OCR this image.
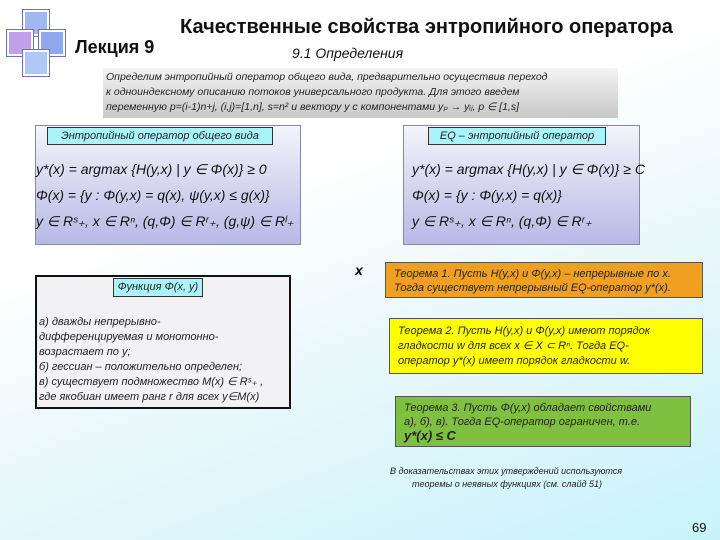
Качественные свойства энтропийного оператора
Лекция 9	9.1 Определения
Определим энтропийный оператор общего вида, предварительно осуществив переход
к одноиндексному описанию потоков универсального продукта. Для этого введем
переменную p=(i-1)n+j, (i,j)=[1,n], s=n² и вектору y с компонентами yₚ → yᵢⱼ, p ∈ [1,s]
Энтропийный оператор общего вида
y*(x) = argmax {H(y,x) | y ∈ Φ(x)} ≥ 0
Φ(x) = {y : Φ(y,x) = q(x), ψ(y,x) ≤ g(x)}
y ∈ Rˢ₊, x ∈ Rⁿ, (q,Φ) ∈ Rʳ₊, (g,ψ) ∈ Rˡ₊
EQ – энтропийный оператор
y*(x) = argmax {H(y,x) | y ∈ Φ(x)} ≥ C
Φ(x) = {y : Φ(y,x) = q(x)}
y ∈ Rˢ₊, x ∈ Rⁿ, (q,Φ) ∈ Rʳ₊
Функция Φ(x, y)
а) дважды непрерывно-
дифференцируемая и монотонно-
возрастает по y;
б) гессиан – положительно определен;
в) существует подмножество M(x) ∈ Rˢ₊ ,
где якобиан имеет ранг r для всех y∈M(x)
x	Теорема 1. Пусть H(y,x) и Φ(y,x) – непрерывные по x.
Тогда существует непрерывный EQ-оператор y*(x).
Теорема 2. Пусть H(y,x) и Φ(y,x) имеют порядок
гладкости w для всех x ∈ X ⊂ Rⁿ. Тогда EQ-
оператор y*(x) имеет порядок гладкости w.
Теорема 3. Пусть Φ(y,x) обладает свойствами
а), б), в). Тогда EQ-оператор ограничен, т.е.
y*(x) ≤ C
В доказательствах этих утверждений используются
теоремы о неявных функциях (см. слайд 51)
69
